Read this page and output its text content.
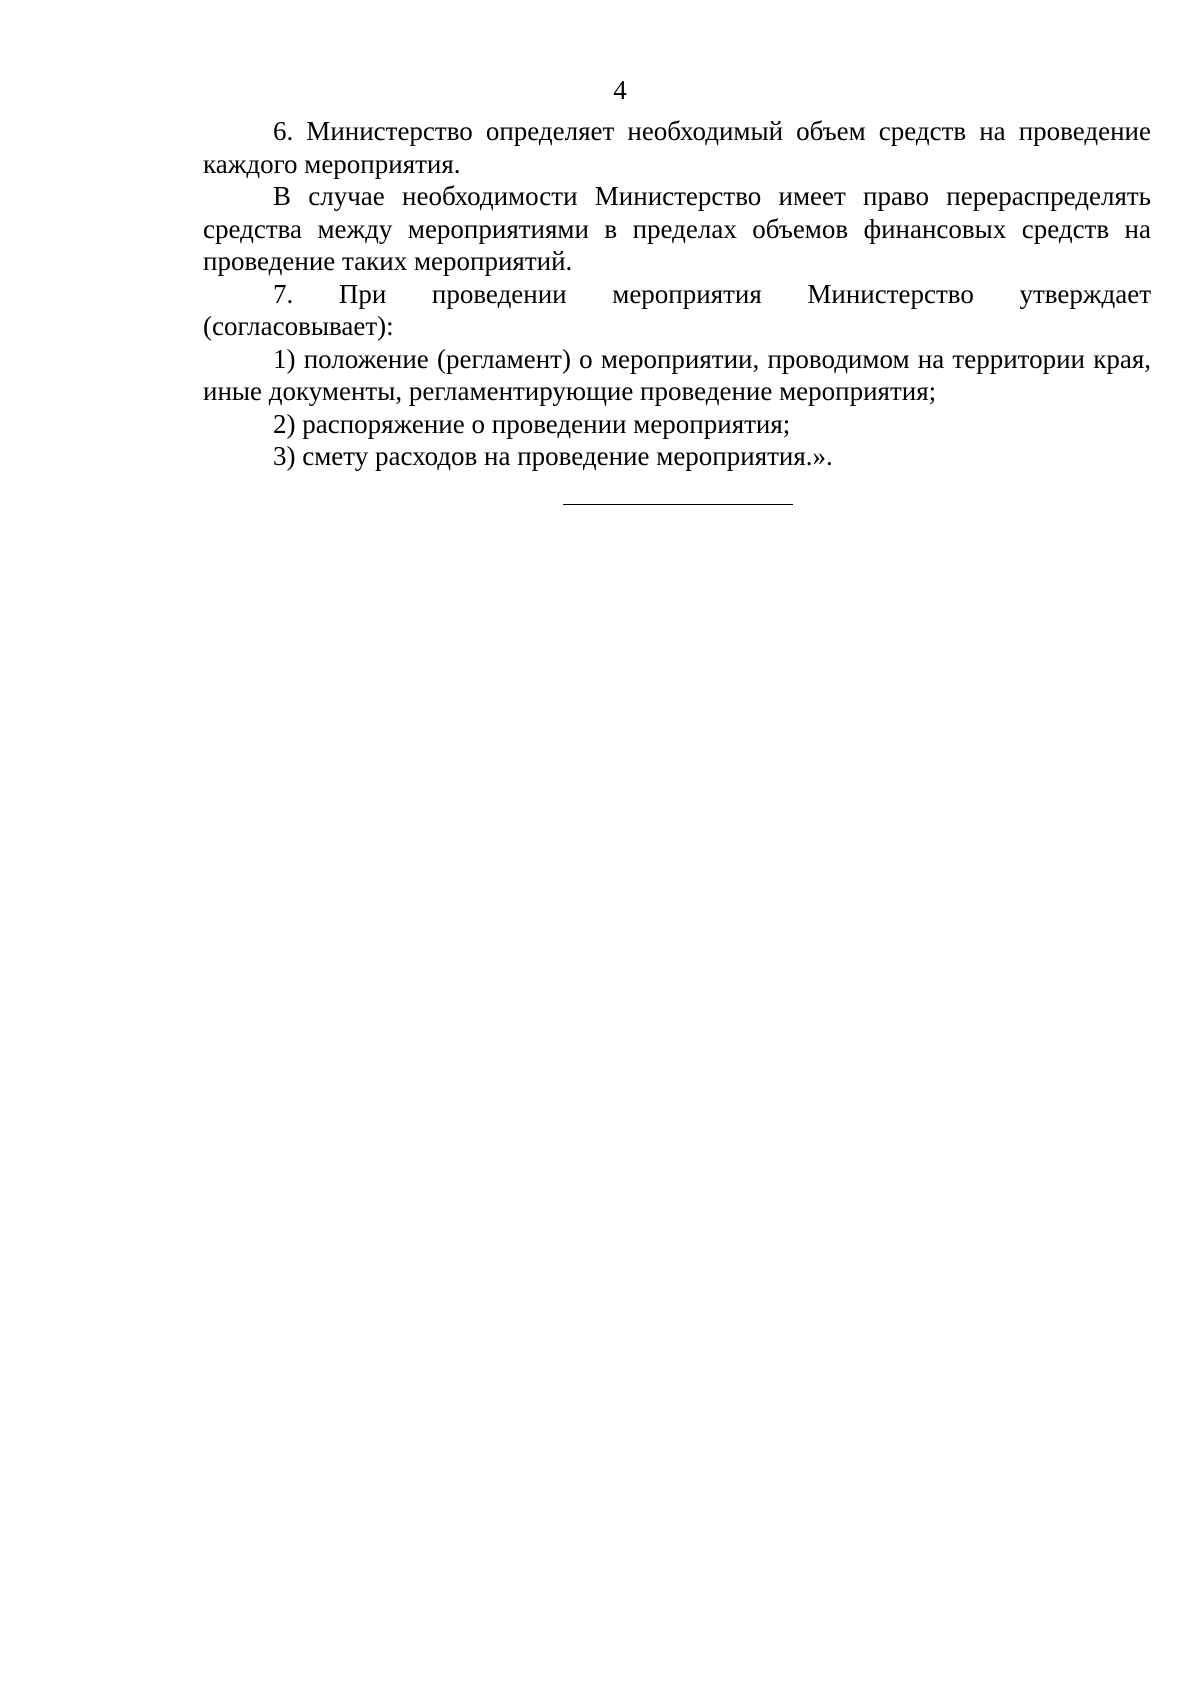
4

6. Министерство определяет необходимый объем средств на проведение каждого мероприятия.

В случае необходимости Министерство имеет право перераспределять средства между мероприятиями в пределах объемов финансовых средств на проведение таких мероприятий.

7. При проведении мероприятия Министерство утверждает (согласовывает):

1) положение (регламент) о мероприятии, проводимом на территории края, иные документы, регламентирующие проведение мероприятия;

2) распоряжение о проведении мероприятия;

3) смету расходов на проведение мероприятия.».
